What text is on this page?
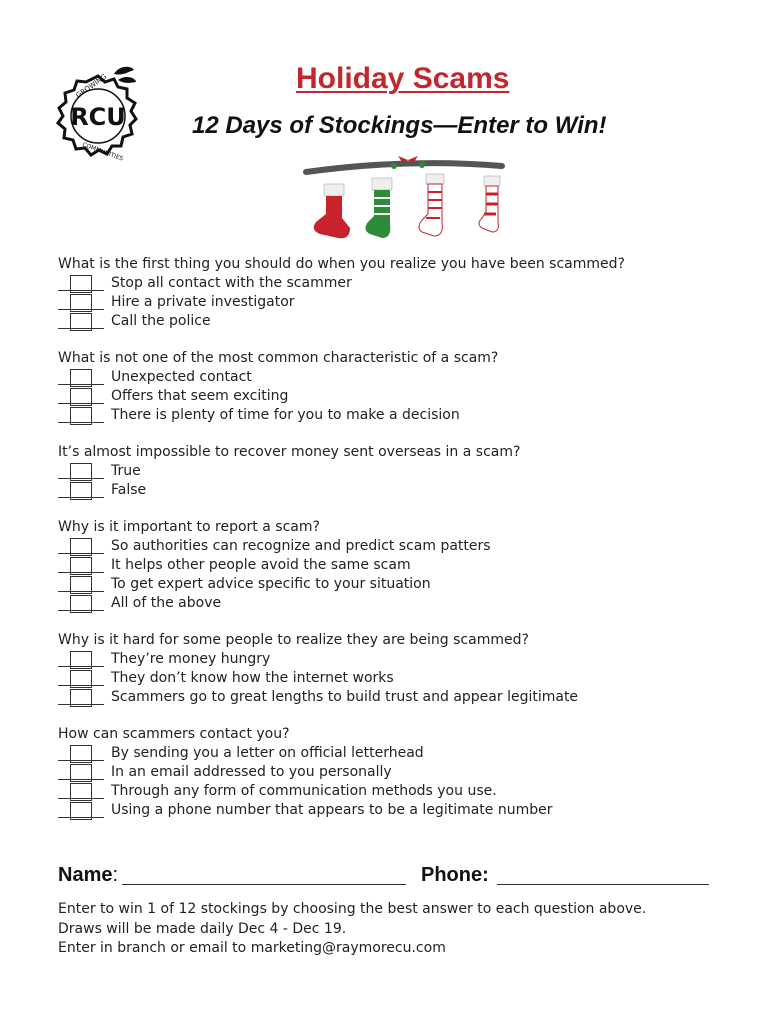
RCU
GROWING
COMMUNITIES
Holiday Scams
12 Days of Stockings—Enter to Win!
What is the first thing you should do when you realize you have been scammed?
Stop all contact with the scammer
Hire a private investigator
Call the police
What is not one of the most common characteristic of a scam?
Unexpected contact
Offers that seem exciting
There is plenty of time for you to make a decision
It’s almost impossible to recover money sent overseas in a scam?
True
False
Why is it important to report a scam?
So authorities can recognize and predict scam patters
It helps other people avoid the same scam
To get expert advice specific to your situation
All of the above
Why is it hard for some people to realize they are being scammed?
They’re money hungry
They don’t know how the internet works
Scammers go to great lengths to build trust and appear legitimate
How can scammers contact you?
By sending you a letter on official letterhead
In an email addressed to you personally
Through any form of communication methods you use.
Using a phone number that appears to be a legitimate number
Name:	Phone:
Enter to win 1 of 12 stockings by choosing the best answer to each question above.
Draws will be made daily Dec 4 - Dec 19.
Enter in branch or email to marketing@raymorecu.com
